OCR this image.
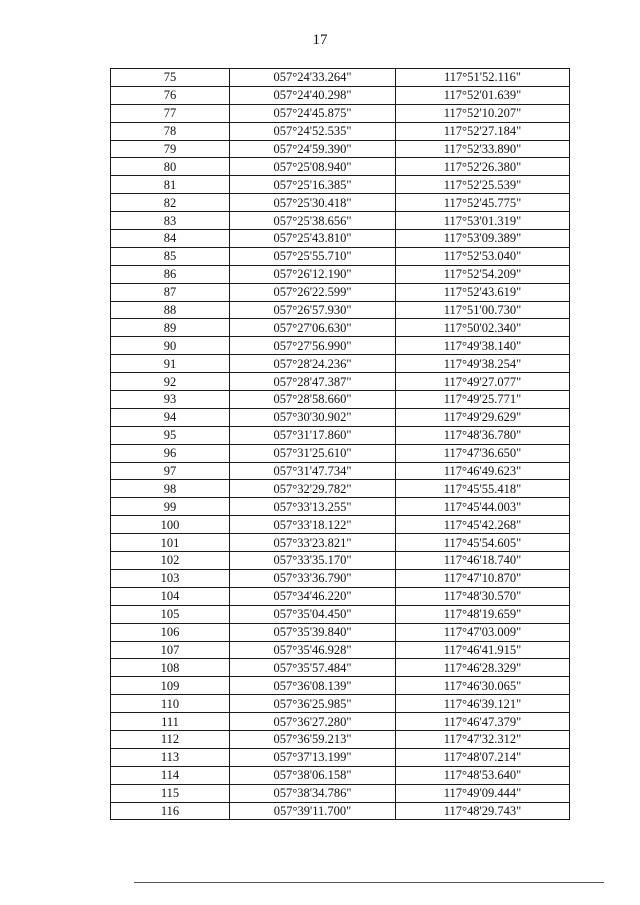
17
75	057°24'33.264"	117°51'52.116"
76	057°24'40.298"	117°52'01.639"
77	057°24'45.875"	117°52'10.207"
78	057°24'52.535"	117°52'27.184"
79	057°24'59.390"	117°52'33.890"
80	057°25'08.940"	117°52'26.380"
81	057°25'16.385"	117°52'25.539"
82	057°25'30.418"	117°52'45.775"
83	057°25'38.656"	117°53'01.319"
84	057°25'43.810"	117°53'09.389"
85	057°25'55.710"	117°52'53.040"
86	057°26'12.190"	117°52'54.209"
87	057°26'22.599"	117°52'43.619"
88	057°26'57.930"	117°51'00.730"
89	057°27'06.630"	117°50'02.340"
90	057°27'56.990"	117°49'38.140"
91	057°28'24.236"	117°49'38.254"
92	057°28'47.387"	117°49'27.077"
93	057°28'58.660"	117°49'25.771"
94	057°30'30.902"	117°49'29.629"
95	057°31'17.860"	117°48'36.780"
96	057°31'25.610"	117°47'36.650"
97	057°31'47.734"	117°46'49.623"
98	057°32'29.782"	117°45'55.418"
99	057°33'13.255"	117°45'44.003"
100	057°33'18.122"	117°45'42.268"
101	057°33'23.821"	117°45'54.605"
102	057°33'35.170"	117°46'18.740"
103	057°33'36.790"	117°47'10.870"
104	057°34'46.220"	117°48'30.570"
105	057°35'04.450"	117°48'19.659"
106	057°35'39.840"	117°47'03.009"
107	057°35'46.928"	117°46'41.915"
108	057°35'57.484"	117°46'28.329"
109	057°36'08.139"	117°46'30.065"
110	057°36'25.985"	117°46'39.121"
111	057°36'27.280"	117°46'47.379"
112	057°36'59.213"	117°47'32.312"
113	057°37'13.199"	117°48'07.214"
114	057°38'06.158"	117°48'53.640"
115	057°38'34.786"	117°49'09.444"
116	057°39'11.700"	117°48'29.743"
